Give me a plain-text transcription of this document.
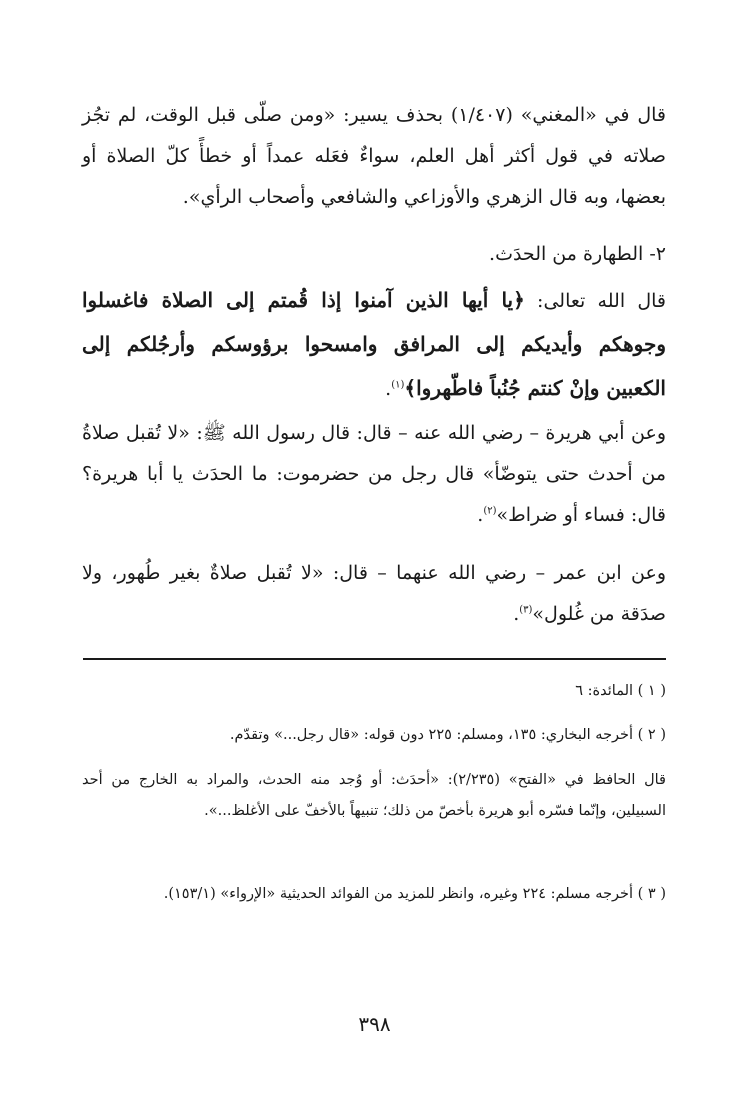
قال في «المغني» (١/٤٠٧) بحذف يسير: «ومن صلّى قبل الوقت، لم تجُز صلاته في قول أكثر أهل العلم، سواءٌ فعَله عمداً أو خطأً كلّ الصلاة أو بعضها، وبه قال الزهري والأوزاعي والشافعي وأصحاب الرأي».

٢- الطهارة من الحدَث.

قال الله تعالى: ﴿يا أيها الذين آمنوا إذا قُمتم إلى الصلاة فاغسلوا وجوهكم وأيديكم إلى المرافق وامسحوا برؤوسكم وأرجُلكم إلى الكعبين وإنْ كنتم جُنُباً فاطّهروا﴾$^{(١)}$.

وعن أبي هريرة – رضي الله عنه – قال: قال رسول الله ﷺ: «لا تُقبل صلاةُ من أحدث حتى يتوضّأ» قال رجل من حضرموت: ما الحدَث يا أبا هريرة؟ قال: فساء أو ضراط»$^{(٢)}$.

وعن ابن عمر – رضي الله عنهما – قال: «لا تُقبل صلاةٌ بغير طُهور، ولا صدَقة من غُلول»$^{(٣)}$.

( ١ ) المائدة: ٦

( ٢ ) أخرجه البخاري: ١٣٥، ومسلم: ٢٢٥ دون قوله: «قال رجل...» وتقدّم.

قال الحافظ في «الفتح» (٢/٢٣٥): «أحدَث: أو وُجد منه الحدث، والمراد به الخارج من أحد السبيلين، وإنّما فسّره أبو هريرة بأخصّ من ذلك؛ تنبيهاً بالأخفّ على الأغلظ...».

( ٣ ) أخرجه مسلم: ٢٢٤ وغيره، وانظر للمزيد من الفوائد الحديثية «الإرواء» (١٥٣/١).

٣٩٨
